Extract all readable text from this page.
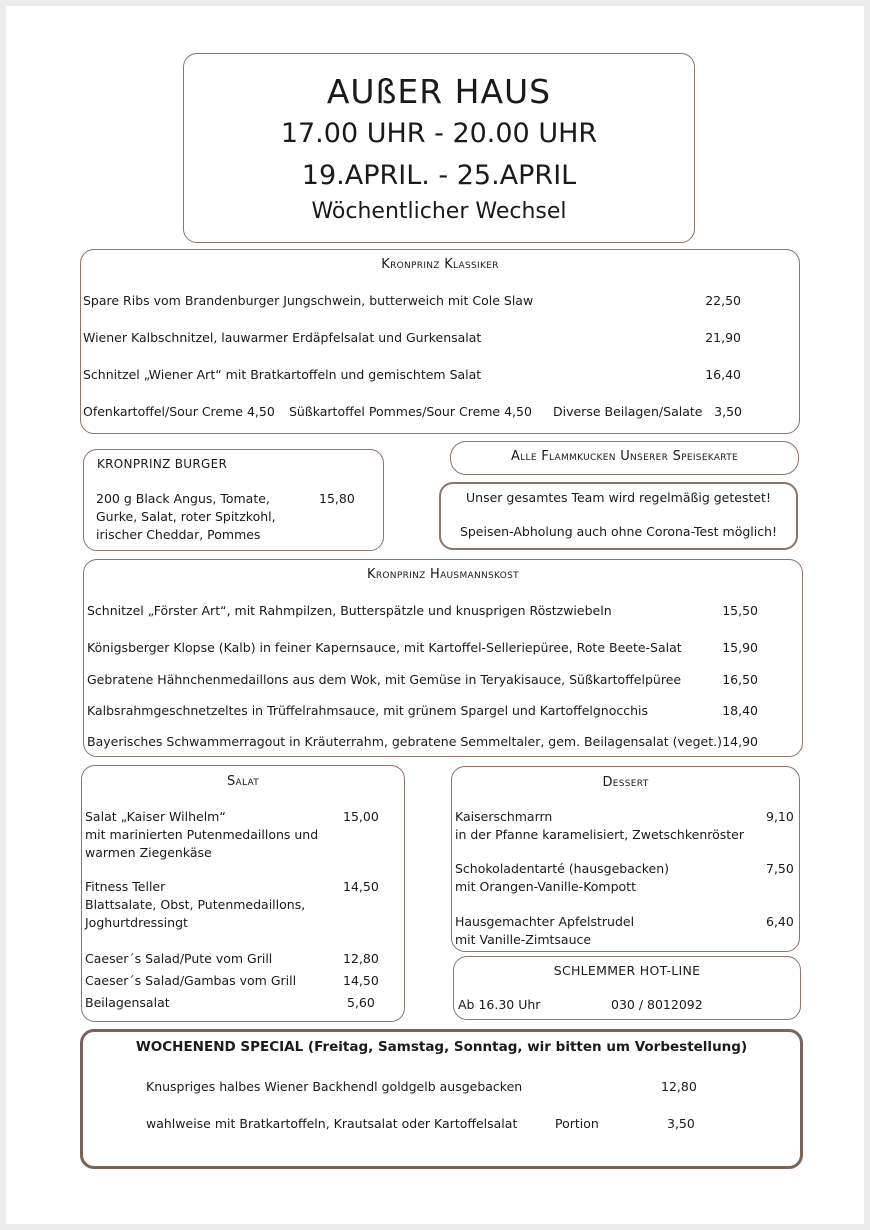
AUßER HAUS
17.00 UHR - 20.00 UHR
19.APRIL. - 25.APRIL
Wöchentlicher Wechsel
Kronprinz Klassiker
Spare Ribs vom Brandenburger Jungschwein, butterweich mit Cole Slaw	22,50
Wiener Kalbschnitzel, lauwarmer Erdäpfelsalat und Gurkensalat	21,90
Schnitzel „Wiener Art“ mit Bratkartoffeln und gemischtem Salat	16,40
Ofenkartoffel/Sour Creme 4,50 Süßkartoffel Pommes/Sour Creme 4,50 Diverse Beilagen/Salate 3,50
KRONPRINZ BURGER
200 g Black Angus, Tomate,
Gurke, Salat, roter Spitzkohl,
irischer Cheddar, Pommes
15,80
Alle Flammkucken Unserer Speisekarte
Unser gesamtes Team wird regelmäßig getestet!
Speisen-Abholung auch ohne Corona-Test möglich!
Kronprinz Hausmannskost
Schnitzel „Förster Art“, mit Rahmpilzen, Butterspätzle und knusprigen Röstzwiebeln	15,50
Königsberger Klopse (Kalb) in feiner Kapernsauce, mit Kartoffel-Selleriepüree, Rote Beete-Salat	15,90
Gebratene Hähnchenmedaillons aus dem Wok, mit Gemüse in Teryakisauce, Süßkartoffelpüree	16,50
Kalbsrahmgeschnetzeltes in Trüffelrahmsauce, mit grünem Spargel und Kartoffelgnocchis	18,40
Bayerisches Schwammerragout in Kräuterrahm, gebratene Semmeltaler, gem. Beilagensalat (veget.) 14,90
Salat
Salat „Kaiser Wilhelm“
mit marinierten Putenmedaillons und
warmen Ziegenkäse
15,00
Fitness Teller
Blattsalate, Obst, Putenmedaillons,
Joghurtdressingt
14,50
Caeser´s Salad/Pute vom Grill	12,80
Caeser´s Salad/Gambas vom Grill	14,50
Beilagensalat	5,60
Dessert
Kaiserschmarrn
in der Pfanne karamelisiert, Zwetschkenröster
9,10
Schokoladentarté (hausgebacken)
mit Orangen-Vanille-Kompott
7,50
Hausgemachter Apfelstrudel
mit Vanille-Zimtsauce
6,40
SCHLEMMER HOT-LINE
Ab 16.30 Uhr	030 / 8012092
WOCHENEND SPECIAL (Freitag, Samstag, Sonntag, wir bitten um Vorbestellung)
Knuspriges halbes Wiener Backhendl goldgelb ausgebacken	12,80
wahlweise mit Bratkartoffeln, Krautsalat oder Kartoffelsalat	Portion	3,50
